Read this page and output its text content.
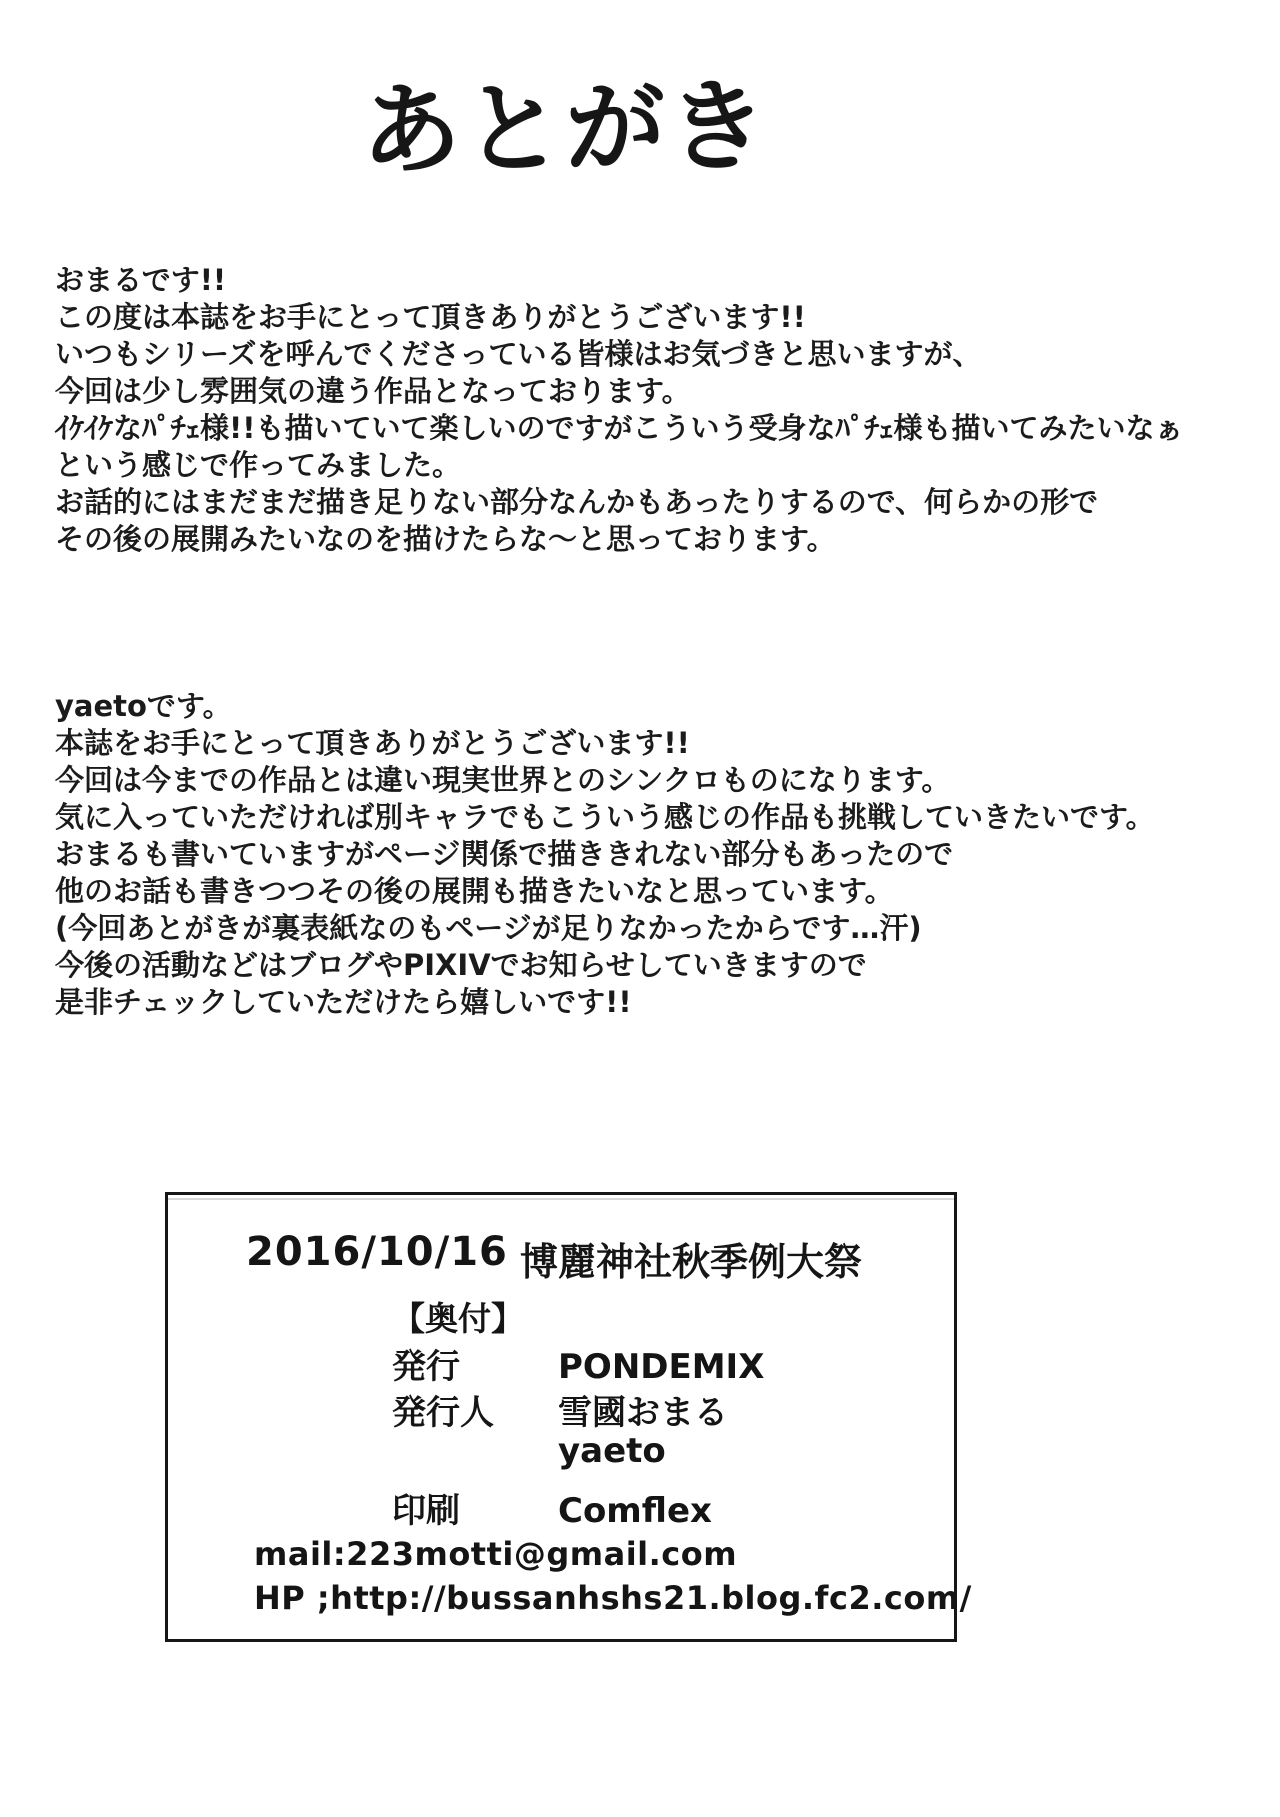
あとがき
おまるです!!
この度は本誌をお手にとって頂きありがとうございます!!
いつもシリーズを呼んでくださっている皆様はお気づきと思いますが、
今回は少し雰囲気の違う作品となっております。
ｲｹｲｹなﾊﾟﾁｪ様!!も描いていて楽しいのですがこういう受身なﾊﾟﾁｪ様も描いてみたいなぁ
という感じで作ってみました。
お話的にはまだまだ描き足りない部分なんかもあったりするので、何らかの形で
その後の展開みたいなのを描けたらな〜と思っております。
yaetoです。
本誌をお手にとって頂きありがとうございます!!
今回は今までの作品とは違い現実世界とのシンクロものになります。
気に入っていただければ別キャラでもこういう感じの作品も挑戦していきたいです。
おまるも書いていますがページ関係で描ききれない部分もあったので
他のお話も書きつつその後の展開も描きたいなと思っています。
(今回あとがきが裏表紙なのもページが足りなかったからです…汗)
今後の活動などはブログやPIXIVでお知らせしていきますので
是非チェックしていただけたら嬉しいです!!
2016/10/16 博麗神社秋季例大祭
【奥付】
発行	PONDEMIX
発行人 雪國おまる
yaeto
印刷	Comflex
mail:223motti@gmail.com
HP ;http://bussanhshs21.blog.fc2.com/
